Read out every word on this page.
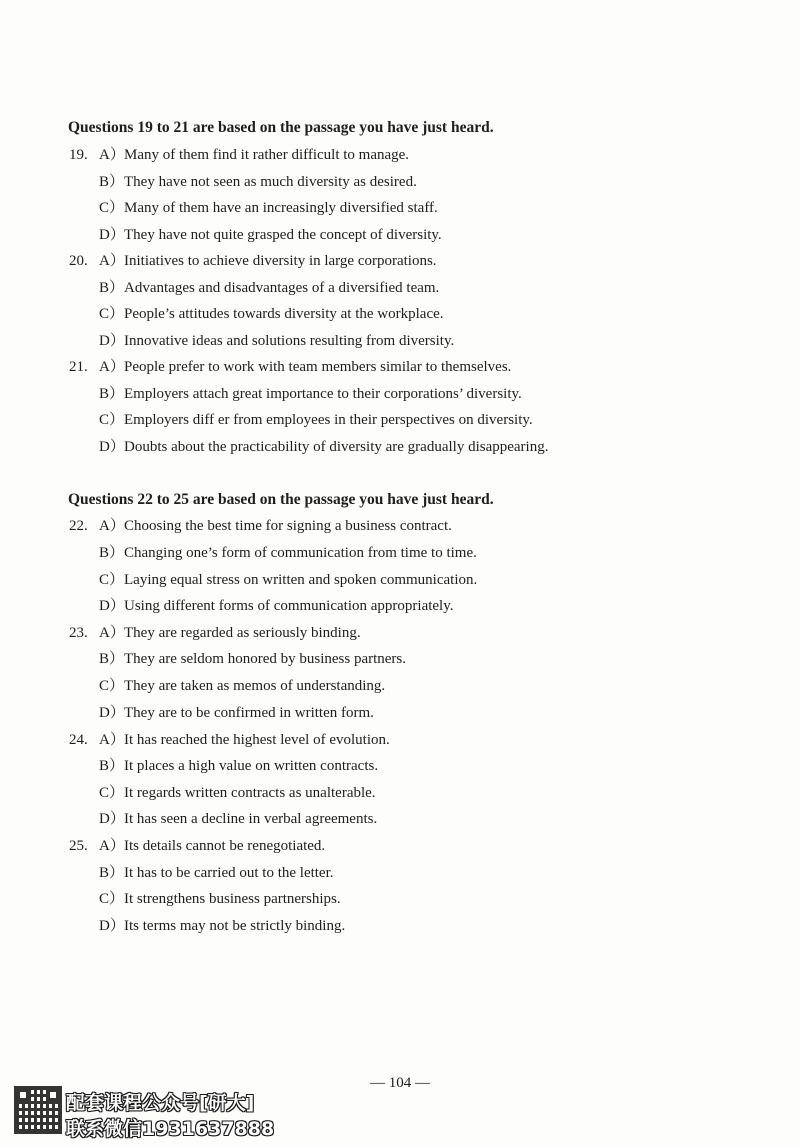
Questions 19 to 21 are based on the passage you have just heard.
19. A） Many of them find it rather difficult to manage.
B） They have not seen as much diversity as desired.
C） Many of them have an increasingly diversified staff.
D） They have not quite grasped the concept of diversity.
20. A） Initiatives to achieve diversity in large corporations.
B） Advantages and disadvantages of a diversified team.
C） People’s attitudes towards diversity at the workplace.
D） Innovative ideas and solutions resulting from diversity.
21. A） People prefer to work with team members similar to themselves.
B） Employers attach great importance to their corporations’ diversity.
C） Employers diff er from employees in their perspectives on diversity.
D） Doubts about the practicability of diversity are gradually disappearing.
Questions 22 to 25 are based on the passage you have just heard.
22. A） Choosing the best time for signing a business contract.
B） Changing one’s form of communication from time to time.
C） Laying equal stress on written and spoken communication.
D） Using different forms of communication appropriately.
23. A） They are regarded as seriously binding.
B） They are seldom honored by business partners.
C） They are taken as memos of understanding.
D） They are to be confirmed in written form.
24. A） It has reached the highest level of evolution.
B） It places a high value on written contracts.
C） It regards written contracts as unalterable.
D） It has seen a decline in verbal agreements.
25. A） Its details cannot be renegotiated.
B） It has to be carried out to the letter.
C） It strengthens business partnerships.
D） Its terms may not be strictly binding.
— 104 —
配套课程公众号[研大]
联系微信1931637888
